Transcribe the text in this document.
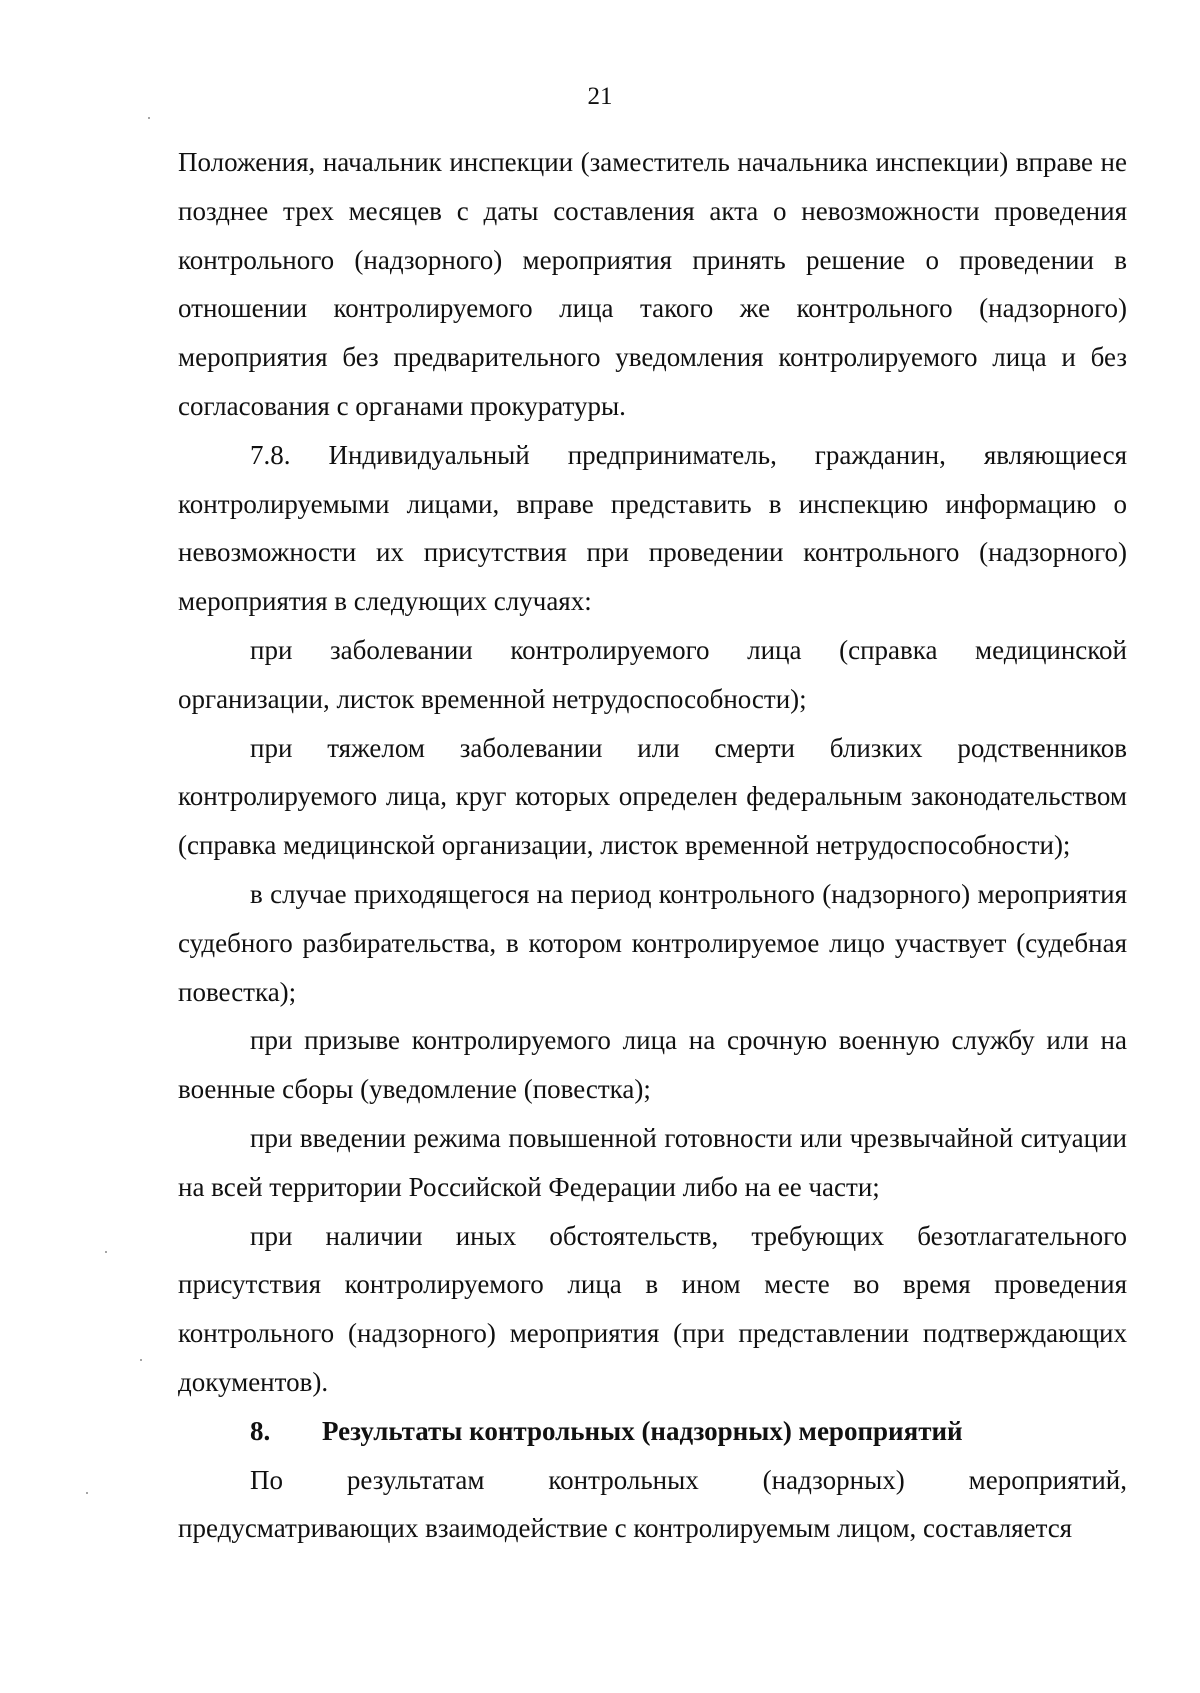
21

Положения, начальник инспекции (заместитель начальника инспекции) вправе не позднее трех месяцев с даты составления акта о невозможности проведения контрольного (надзорного) мероприятия принять решение о проведении в отношении контролируемого лица такого же контрольного (надзорного) мероприятия без предварительного уведомления контролируемого лица и без согласования с органами прокуратуры.

7.8. Индивидуальный предприниматель, гражданин, являющиеся контролируемыми лицами, вправе представить в инспекцию информацию о невозможности их присутствия при проведении контрольного (надзорного) мероприятия в следующих случаях:

при заболевании контролируемого лица (справка медицинской организации, листок временной нетрудоспособности);

при тяжелом заболевании или смерти близких родственников контролируемого лица, круг которых определен федеральным законодательством (справка медицинской организации, листок временной нетрудоспособности);

в случае приходящегося на период контрольного (надзорного) мероприятия судебного разбирательства, в котором контролируемое лицо участвует (судебная повестка);

при призыве контролируемого лица на срочную военную службу или на военные сборы (уведомление (повестка);

при введении режима повышенной готовности или чрезвычайной ситуации на всей территории Российской Федерации либо на ее части;

при наличии иных обстоятельств, требующих безотлагательного присутствия контролируемого лица в ином месте во время проведения контрольного (надзорного) мероприятия (при представлении подтверждающих документов).

8. Результаты контрольных (надзорных) мероприятий

По результатам контрольных (надзорных) мероприятий, предусматривающих взаимодействие с контролируемым лицом, составляется
